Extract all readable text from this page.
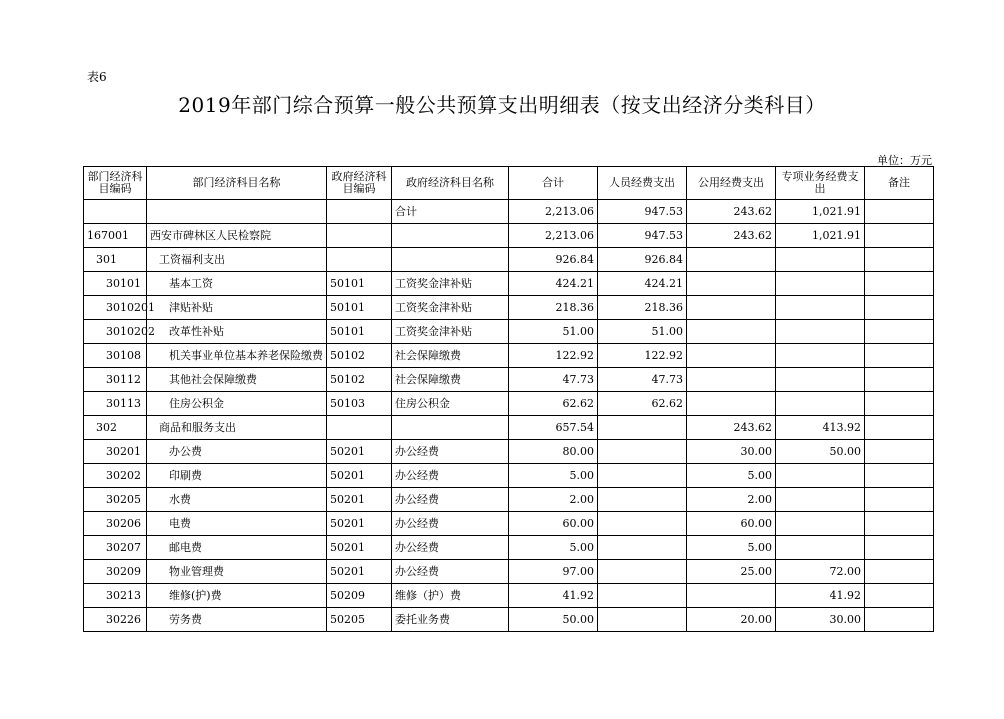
表6
2019年部门综合预算一般公共预算支出明细表（按支出经济分类科目）
单位：万元
部门经济科目编码	部门经济科目名称	政府经济科目编码	政府经济科目名称	合计	人员经费支出	公用经费支出	专项业务经费支出	备注
			合计	2,213.06	947.53	243.62	1,021.91	
167001	西安市碑林区人民检察院			2,213.06	947.53	243.62	1,021.91	
301	工资福利支出			926.84	926.84			
30101	基本工资	50101	工资奖金津补贴	424.21	424.21			
3010201	津贴补贴	50101	工资奖金津补贴	218.36	218.36			
3010202	改革性补贴	50101	工资奖金津补贴	51.00	51.00			
30108	机关事业单位基本养老保险缴费	50102	社会保障缴费	122.92	122.92			
30112	其他社会保障缴费	50102	社会保障缴费	47.73	47.73			
30113	住房公积金	50103	住房公积金	62.62	62.62			
302	商品和服务支出			657.54		243.62	413.92	
30201	办公费	50201	办公经费	80.00		30.00	50.00	
30202	印刷费	50201	办公经费	5.00		5.00		
30205	水费	50201	办公经费	2.00		2.00		
30206	电费	50201	办公经费	60.00		60.00		
30207	邮电费	50201	办公经费	5.00		5.00		
30209	物业管理费	50201	办公经费	97.00		25.00	72.00	
30213	维修(护)费	50209	维修（护）费	41.92			41.92	
30226	劳务费	50205	委托业务费	50.00		20.00	30.00	
